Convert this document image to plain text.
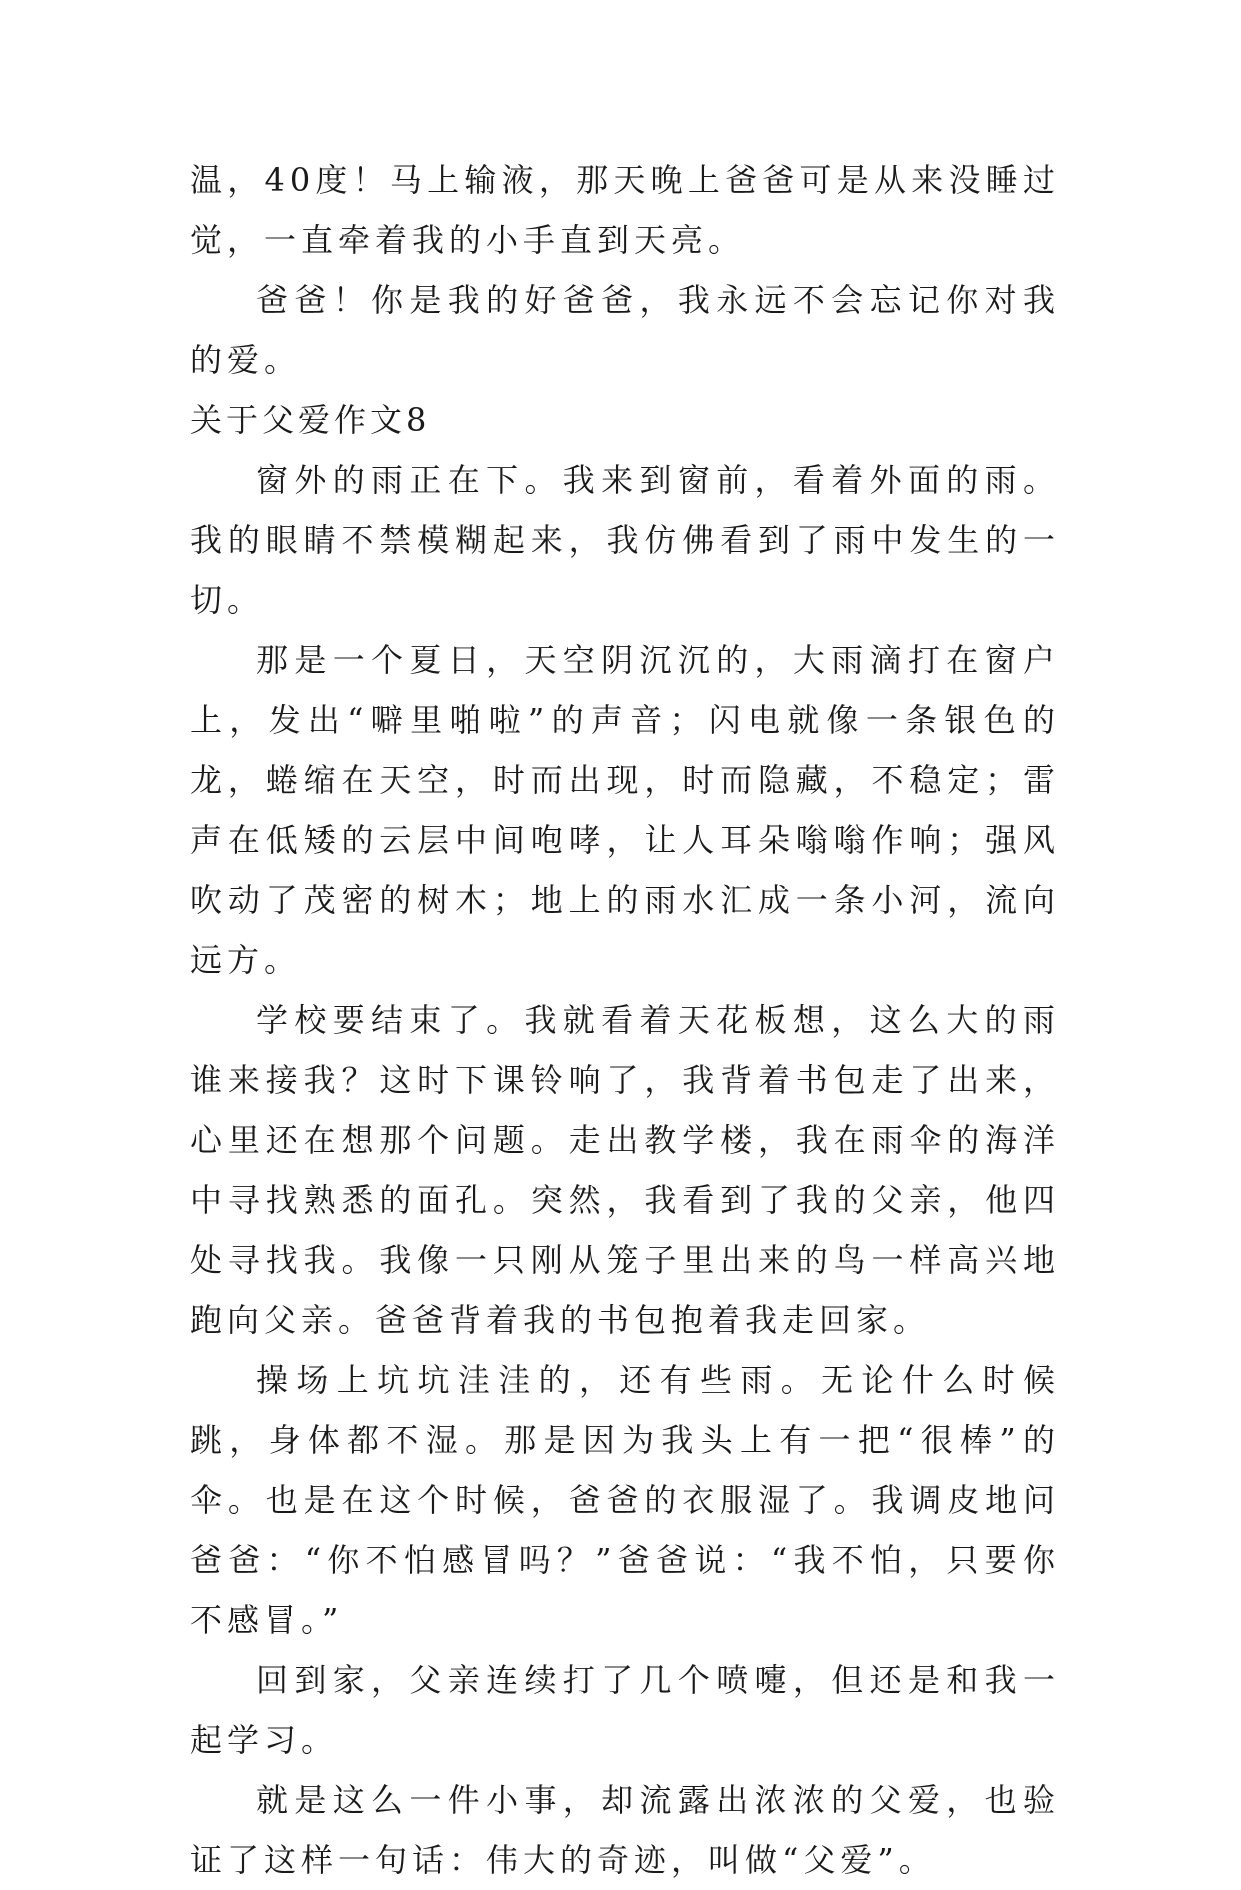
温，40度！马上输液，那天晚上爸爸可是从来没睡过觉，一直牵着我的小手直到天亮。

爸爸！你是我的好爸爸，我永远不会忘记你对我的爱。

关于父爱作文8

窗外的雨正在下。我来到窗前，看着外面的雨。我的眼睛不禁模糊起来，我仿佛看到了雨中发生的一切。

那是一个夏日，天空阴沉沉的，大雨滴打在窗户上，发出“噼里啪啦”的声音；闪电就像一条银色的龙，蜷缩在天空，时而出现，时而隐藏，不稳定；雷声在低矮的云层中间咆哮，让人耳朵嗡嗡作响；强风吹动了茂密的树木；地上的雨水汇成一条小河，流向远方。

学校要结束了。我就看着天花板想，这么大的雨谁来接我？这时下课铃响了，我背着书包走了出来，心里还在想那个问题。走出教学楼，我在雨伞的海洋中寻找熟悉的面孔。突然，我看到了我的父亲，他四处寻找我。我像一只刚从笼子里出来的鸟一样高兴地跑向父亲。爸爸背着我的书包抱着我走回家。

操场上坑坑洼洼的，还有些雨。无论什么时候跳，身体都不湿。那是因为我头上有一把“很棒”的伞。也是在这个时候，爸爸的衣服湿了。我调皮地问爸爸：“你不怕感冒吗？”爸爸说：“我不怕，只要你不感冒。”

回到家，父亲连续打了几个喷嚏，但还是和我一起学习。

就是这么一件小事，却流露出浓浓的父爱，也验证了这样一句话：伟大的奇迹，叫做“父爱”。
